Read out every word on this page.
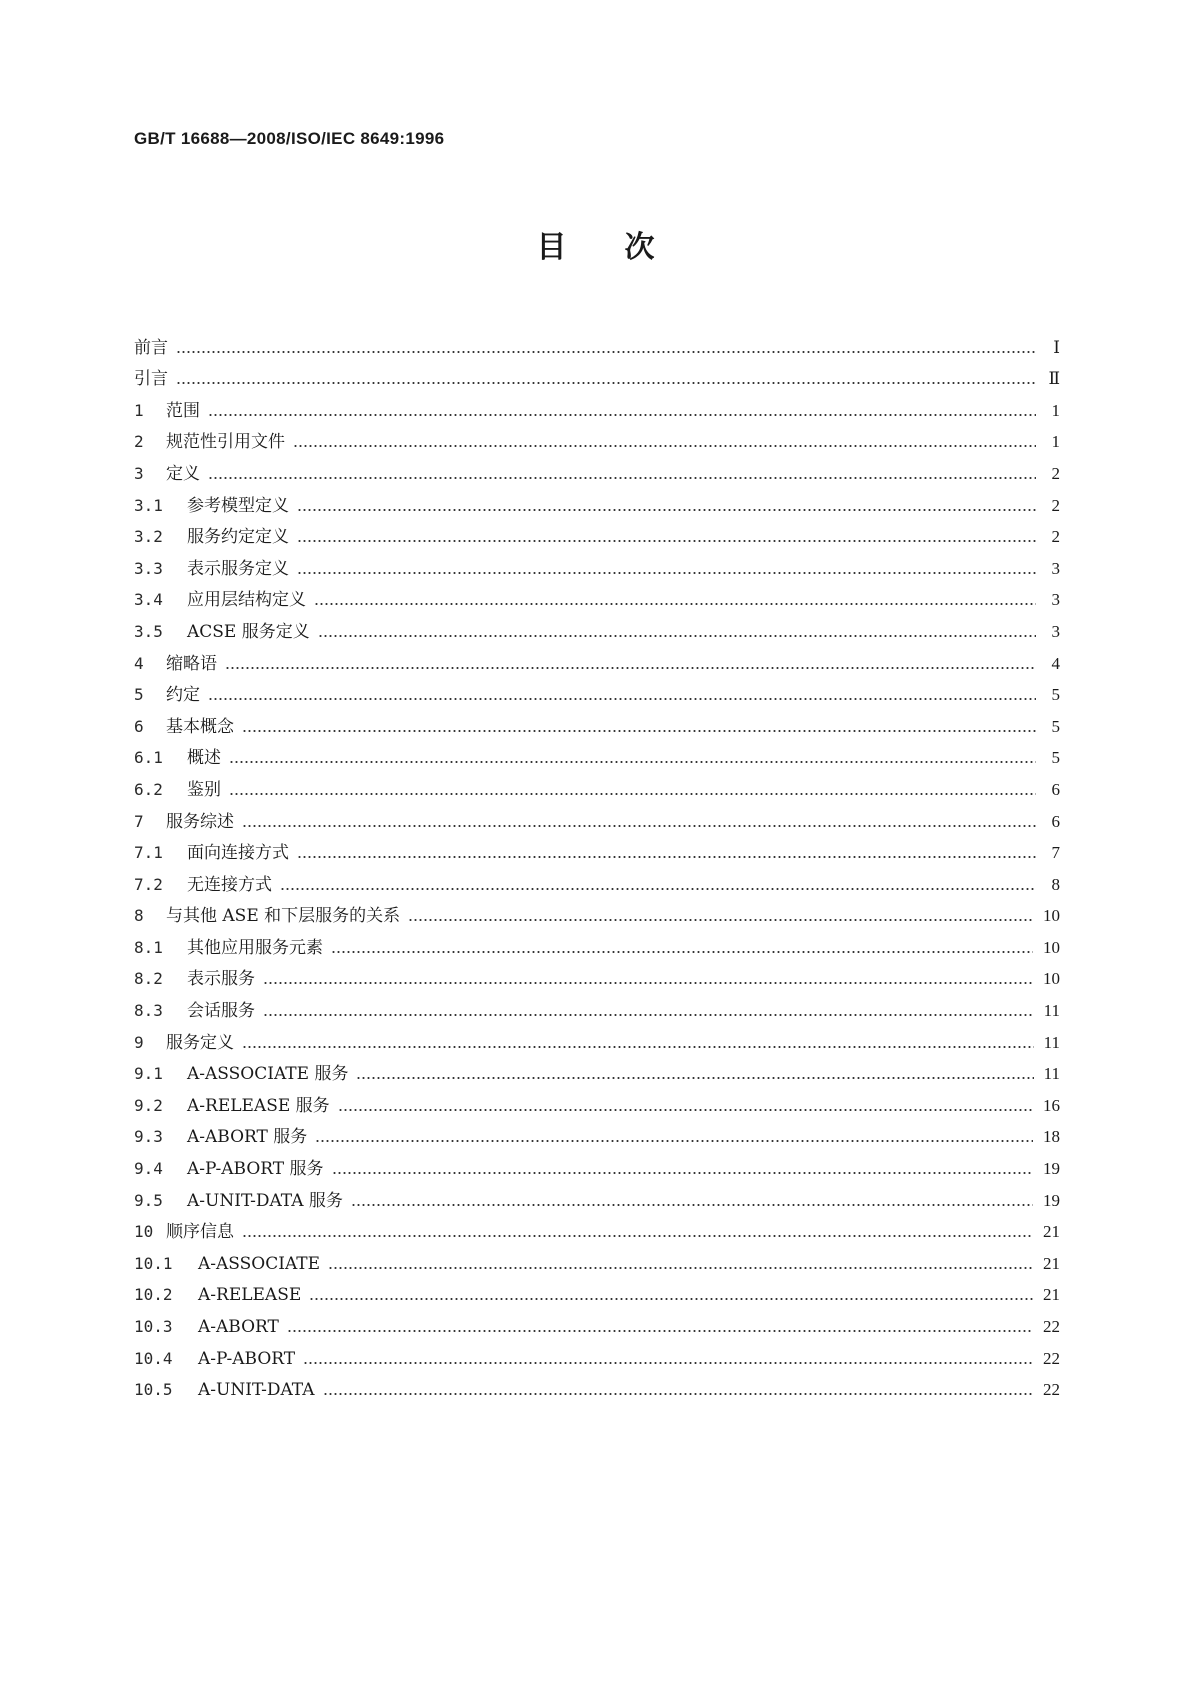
GB/T 16688—2008/ISO/IEC 8649:1996
目次
前言	Ⅰ
引言	Ⅱ
1	范围	1
2	规范性引用文件	1
3	定义	2
3.1	参考模型定义	2
3.2	服务约定定义	2
3.3	表示服务定义	3
3.4	应用层结构定义	3
3.5	ACSE 服务定义	3
4	缩略语	4
5	约定	5
6	基本概念	5
6.1	概述	5
6.2	鉴别	6
7	服务综述	6
7.1	面向连接方式	7
7.2	无连接方式	8
8	与其他 ASE 和下层服务的关系	10
8.1	其他应用服务元素	10
8.2	表示服务	10
8.3	会话服务	11
9	服务定义	11
9.1	A-ASSOCIATE 服务	11
9.2	A-RELEASE 服务	16
9.3	A-ABORT 服务	18
9.4	A-P-ABORT 服务	19
9.5	A-UNIT-DATA 服务	19
10 顺序信息	21
10.1	A-ASSOCIATE	21
10.2	A-RELEASE	21
10.3	A-ABORT	22
10.4	A-P-ABORT	22
10.5	A-UNIT-DATA	22
